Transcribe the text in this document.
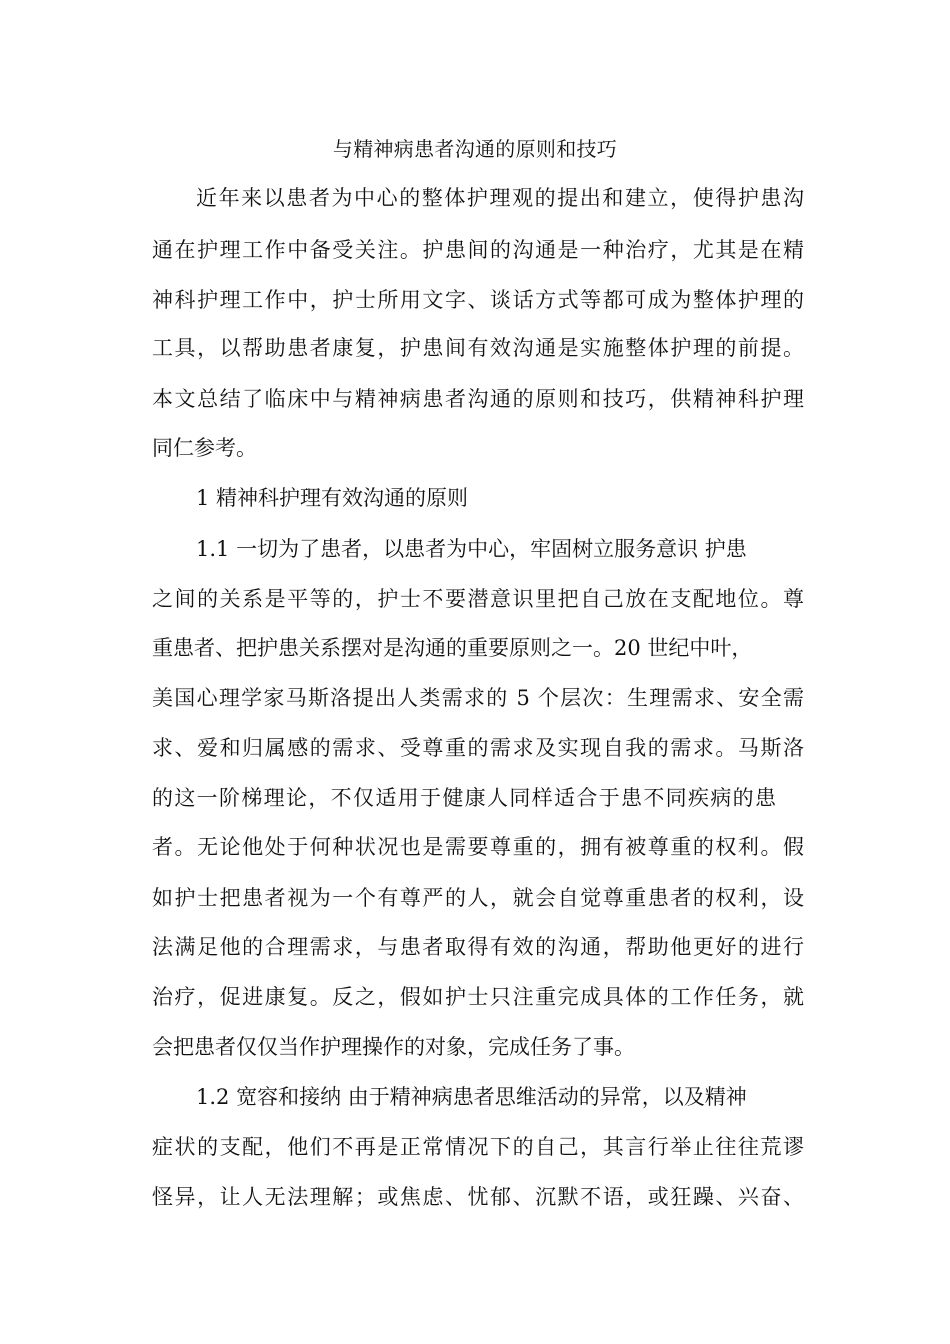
与精神病患者沟通的原则和技巧

近年来以患者为中心的整体护理观的提出和建立，使得护患沟

通在护理工作中备受关注。护患间的沟通是一种治疗，尤其是在精

神科护理工作中，护士所用文字、谈话方式等都可成为整体护理的

工具，以帮助患者康复，护患间有效沟通是实施整体护理的前提。

本文总结了临床中与精神病患者沟通的原则和技巧，供精神科护理

同仁参考。

1 精神科护理有效沟通的原则

1.1 一切为了患者，以患者为中心，牢固树立服务意识 护患

之间的关系是平等的，护士不要潜意识里把自己放在支配地位。尊

重患者、把护患关系摆对是沟通的重要原则之一。20 世纪中叶，

美国心理学家马斯洛提出人类需求的 5 个层次：生理需求、安全需

求、爱和归属感的需求、受尊重的需求及实现自我的需求。马斯洛

的这一阶梯理论，不仅适用于健康人同样适合于患不同疾病的患

者。无论他处于何种状况也是需要尊重的，拥有被尊重的权利。假

如护士把患者视为一个有尊严的人，就会自觉尊重患者的权利，设

法满足他的合理需求，与患者取得有效的沟通，帮助他更好的进行

治疗，促进康复。反之，假如护士只注重完成具体的工作任务，就

会把患者仅仅当作护理操作的对象，完成任务了事。

1.2 宽容和接纳 由于精神病患者思维活动的异常，以及精神

症状的支配，他们不再是正常情况下的自己，其言行举止往往荒谬

怪异，让人无法理解；或焦虑、忧郁、沉默不语，或狂躁、兴奋、
